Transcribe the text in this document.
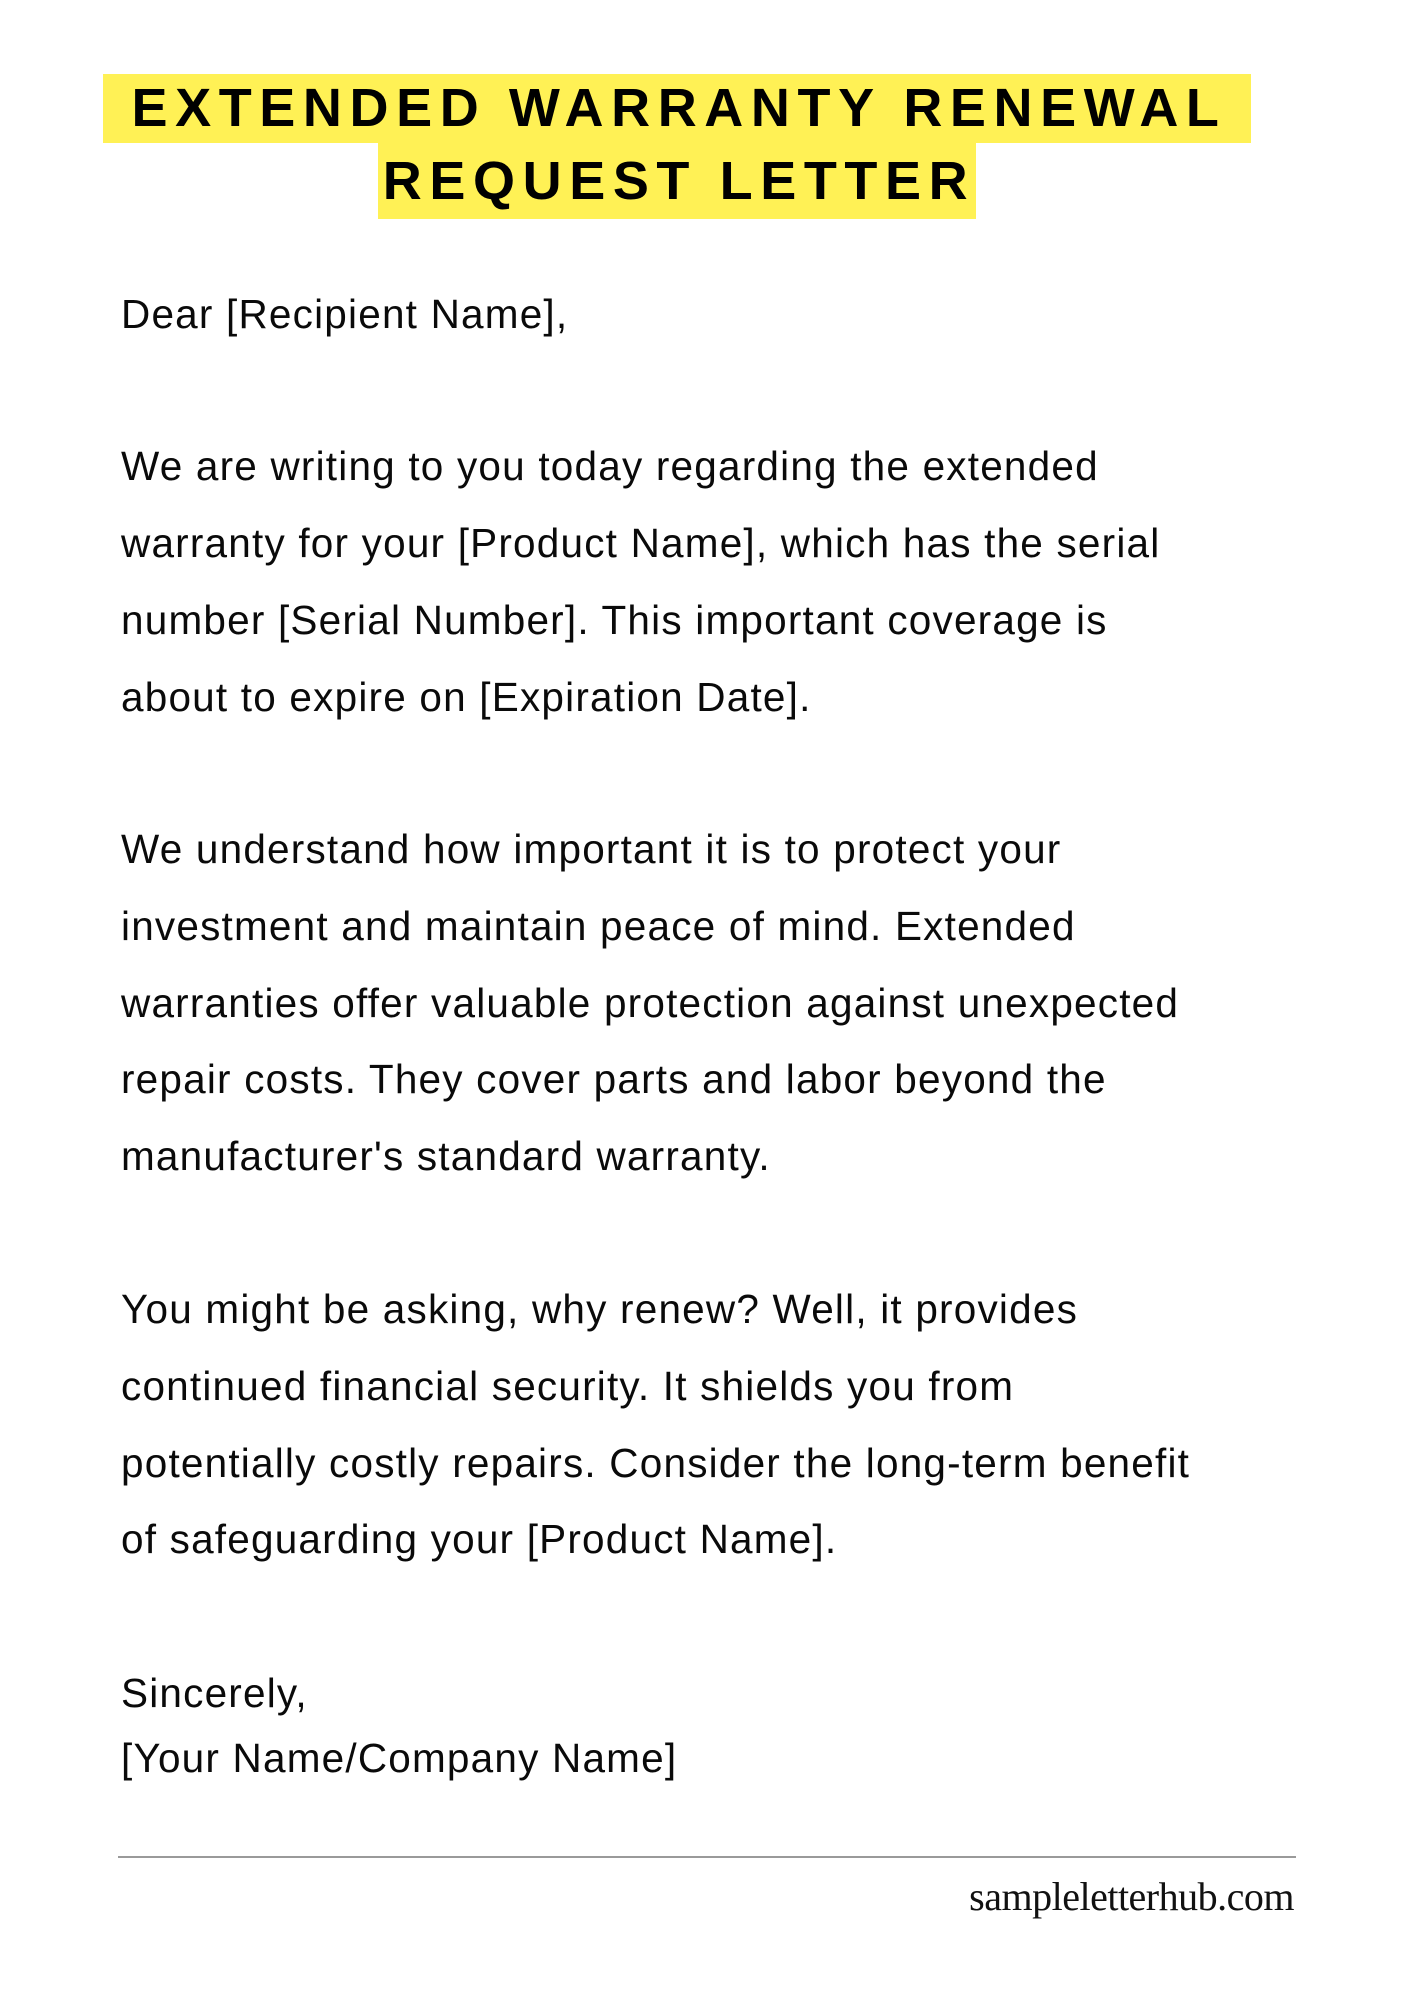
EXTENDED WARRANTY RENEWAL
REQUEST LETTER
Dear [Recipient Name],
We are writing to you today regarding the extended
warranty for your [Product Name], which has the serial
number [Serial Number]. This important coverage is
about to expire on [Expiration Date].
We understand how important it is to protect your
investment and maintain peace of mind. Extended
warranties offer valuable protection against unexpected
repair costs. They cover parts and labor beyond the
manufacturer's standard warranty.
You might be asking, why renew? Well, it provides
continued financial security. It shields you from
potentially costly repairs. Consider the long-term benefit
of safeguarding your [Product Name].
Sincerely,
[Your Name/Company Name]
sampleletterhub.com
